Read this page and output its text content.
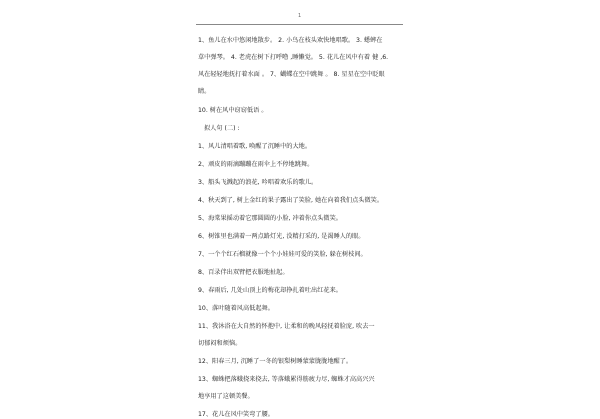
1
1、鱼儿在水中悠闲地散步。 2. 小鸟在枝头欢快地唱歌。 3. 蟋蟀在
草中弹琴。 4. 老虎在树下打呼噜 ,睡懒觉。 5. 花儿在风中有着 健 ,6.
风在轻轻地抚打着水面 。 7、蝴蝶在空中跳舞 。 8. 星星在空中眨眼
睛。
10. 树在风中窃窃低语 。
拟人句 (二) :
1、风儿清唱着歌, 唤醒了沉睡中的大地。
2、顽皮的雨滴蹦蹦在雨伞上不停地跳舞。
3、船头飞溅起的浪花, 吟唱着欢乐的歌儿。
4、秋天到了, 树上金红的果子露出了笑脸, 她在向着我们点头微笑。
5、海棠果摇动着它那圆圆的小脸, 冲着你点头微笑。
6、树锥里也满着一两点路灯光, 没精打采的, 是渴睡人的眼。
7、一个个红石榴就像一个个小娃娃可爱的笑脸, 躲在树枝间。
8、百录伴出双臂把衣服地扯起。
9、春雨后, 几处山顶上的梅花却挣扎着吐出红花来。
10、落叶随着风高低起舞。
11、我沐浴在大自然的怀抱中, 让柔和的晚风轻抚着脸庞, 吹去一
切郁闷和烦恼。
12、阳春三月, 沉睡了一冬的银梨树睡蒙蒙胧胧地醒了。
13、蜘蛛把落蛾挠来挠去, 等落蛾累得筋疲力尽, 蜘蛛才高高兴兴
地享用了这顿美餐。
17、花儿在风中笑弯了腰。
